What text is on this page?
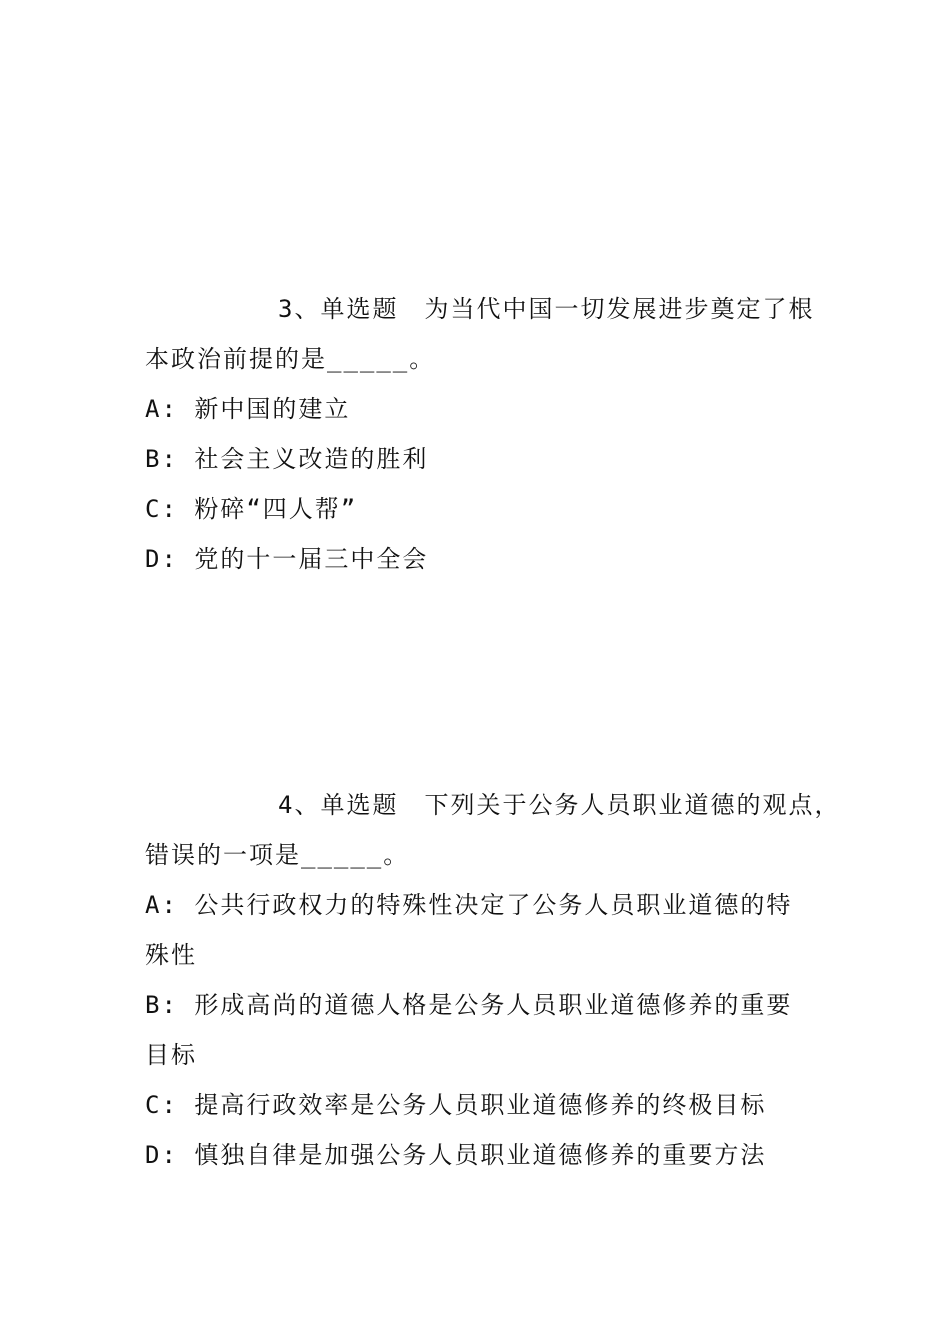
3、单选题　为当代中国一切发展进步奠定了根
本政治前提的是_____。
A: 新中国的建立
B: 社会主义改造的胜利
C: 粉碎“四人帮”
D: 党的十一届三中全会
4、单选题　下列关于公务人员职业道德的观点，
错误的一项是_____。
A: 公共行政权力的特殊性决定了公务人员职业道德的特殊性
B: 形成高尚的道德人格是公务人员职业道德修养的重要目标
C: 提高行政效率是公务人员职业道德修养的终极目标
D: 慎独自律是加强公务人员职业道德修养的重要方法
